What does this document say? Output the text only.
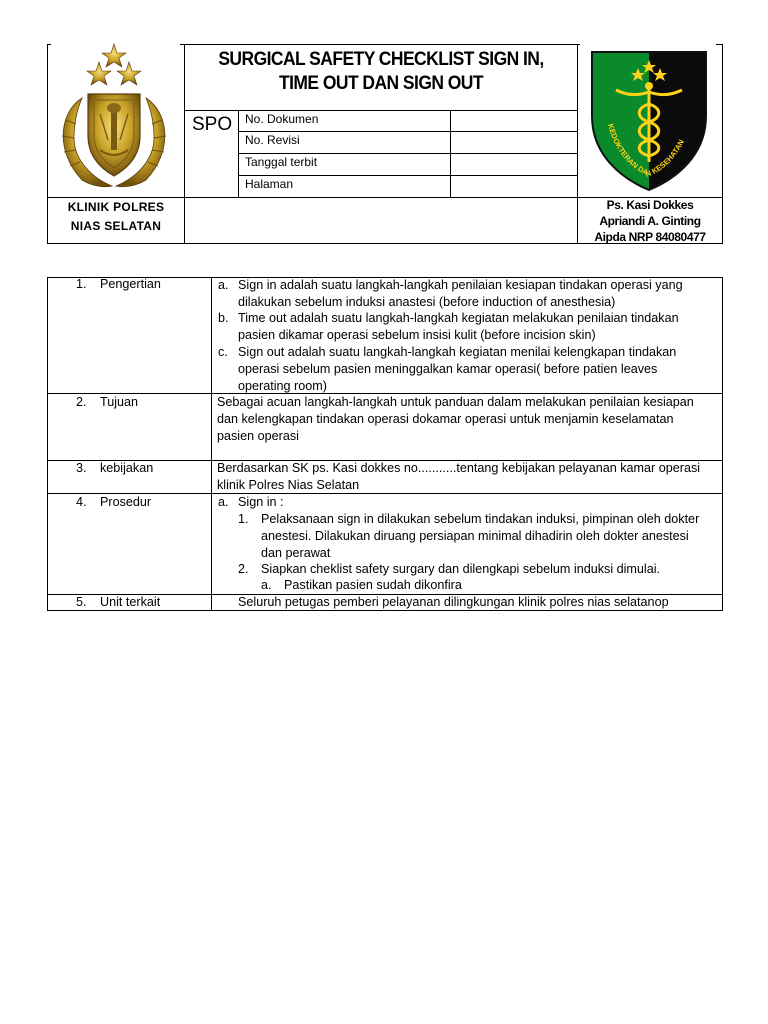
SURGICAL SAFETY CHECKLIST SIGN IN,
TIME OUT DAN SIGN OUT
SPO No. Dokumen
No. Revisi
Tanggal terbit
Halaman
KEDOKTERAN DAN KESEHATAN
KLINIK POLRES
NIAS SELATAN
Ps. Kasi Dokkes
Apriandi A. Ginting
Aipda NRP 84080477
1. Pengertian	a. Sign in adalah suatu langkah-langkah penilaian kesiapan tindakan operasi yang
dilakukan sebelum induksi anastesi (before induction of anesthesia)
b. Time out adalah suatu langkah-langkah kegiatan melakukan penilaian tindakan
pasien dikamar operasi sebelum insisi kulit (before incision skin)
c. Sign out adalah suatu langkah-langkah kegiatan menilai kelengkapan tindakan
operasi sebelum pasien meninggalkan kamar operasi( before patien leaves
operating room)
2. Tujuan	Sebagai acuan langkah-langkah untuk panduan dalam melakukan penilaian kesiapan
dan kelengkapan tindakan operasi dokamar operasi untuk menjamin keselamatan
pasien operasi
3. kebijakan	Berdasarkan SK ps. Kasi dokkes no...........tentang kebijakan pelayanan kamar operasi
klinik Polres Nias Selatan
4. Prosedur	a. Sign in :
1. Pelaksanaan sign in dilakukan sebelum tindakan induksi, pimpinan oleh dokter
anestesi. Dilakukan diruang persiapan minimal dihadirin oleh dokter anestesi
dan perawat
2. Siapkan cheklist safety surgary dan dilengkapi sebelum induksi dimulai.
a. Pastikan pasien sudah dikonfira
5. Unit terkait	Seluruh petugas pemberi pelayanan dilingkungan klinik polres nias selatanop
